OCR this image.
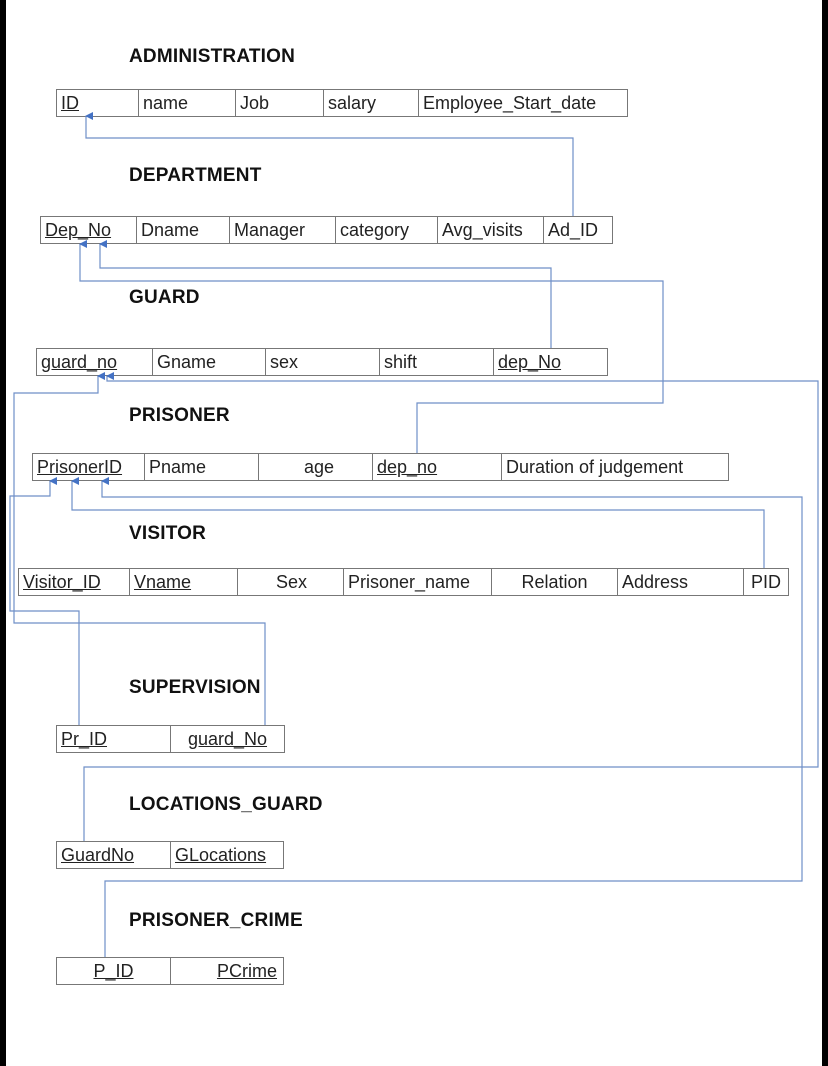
ADMINISTRATION
ID	name	Job	salary	Employee_Start_date
DEPARTMENT
Dep_No	Dname	Manager	category	Avg_visits	Ad_ID
GUARD
guard_no	Gname	sex	shift	dep_No
PRISONER
PrisonerID	Pname	age	dep_no	Duration of judgement
VISITOR
Visitor_ID	Vname	Sex	Prisoner_name	Relation	Address	PID
SUPERVISION
Pr_ID	guard_No
LOCATIONS_GUARD
GuardNo	GLocations
PRISONER_CRIME
P_ID	PCrime
